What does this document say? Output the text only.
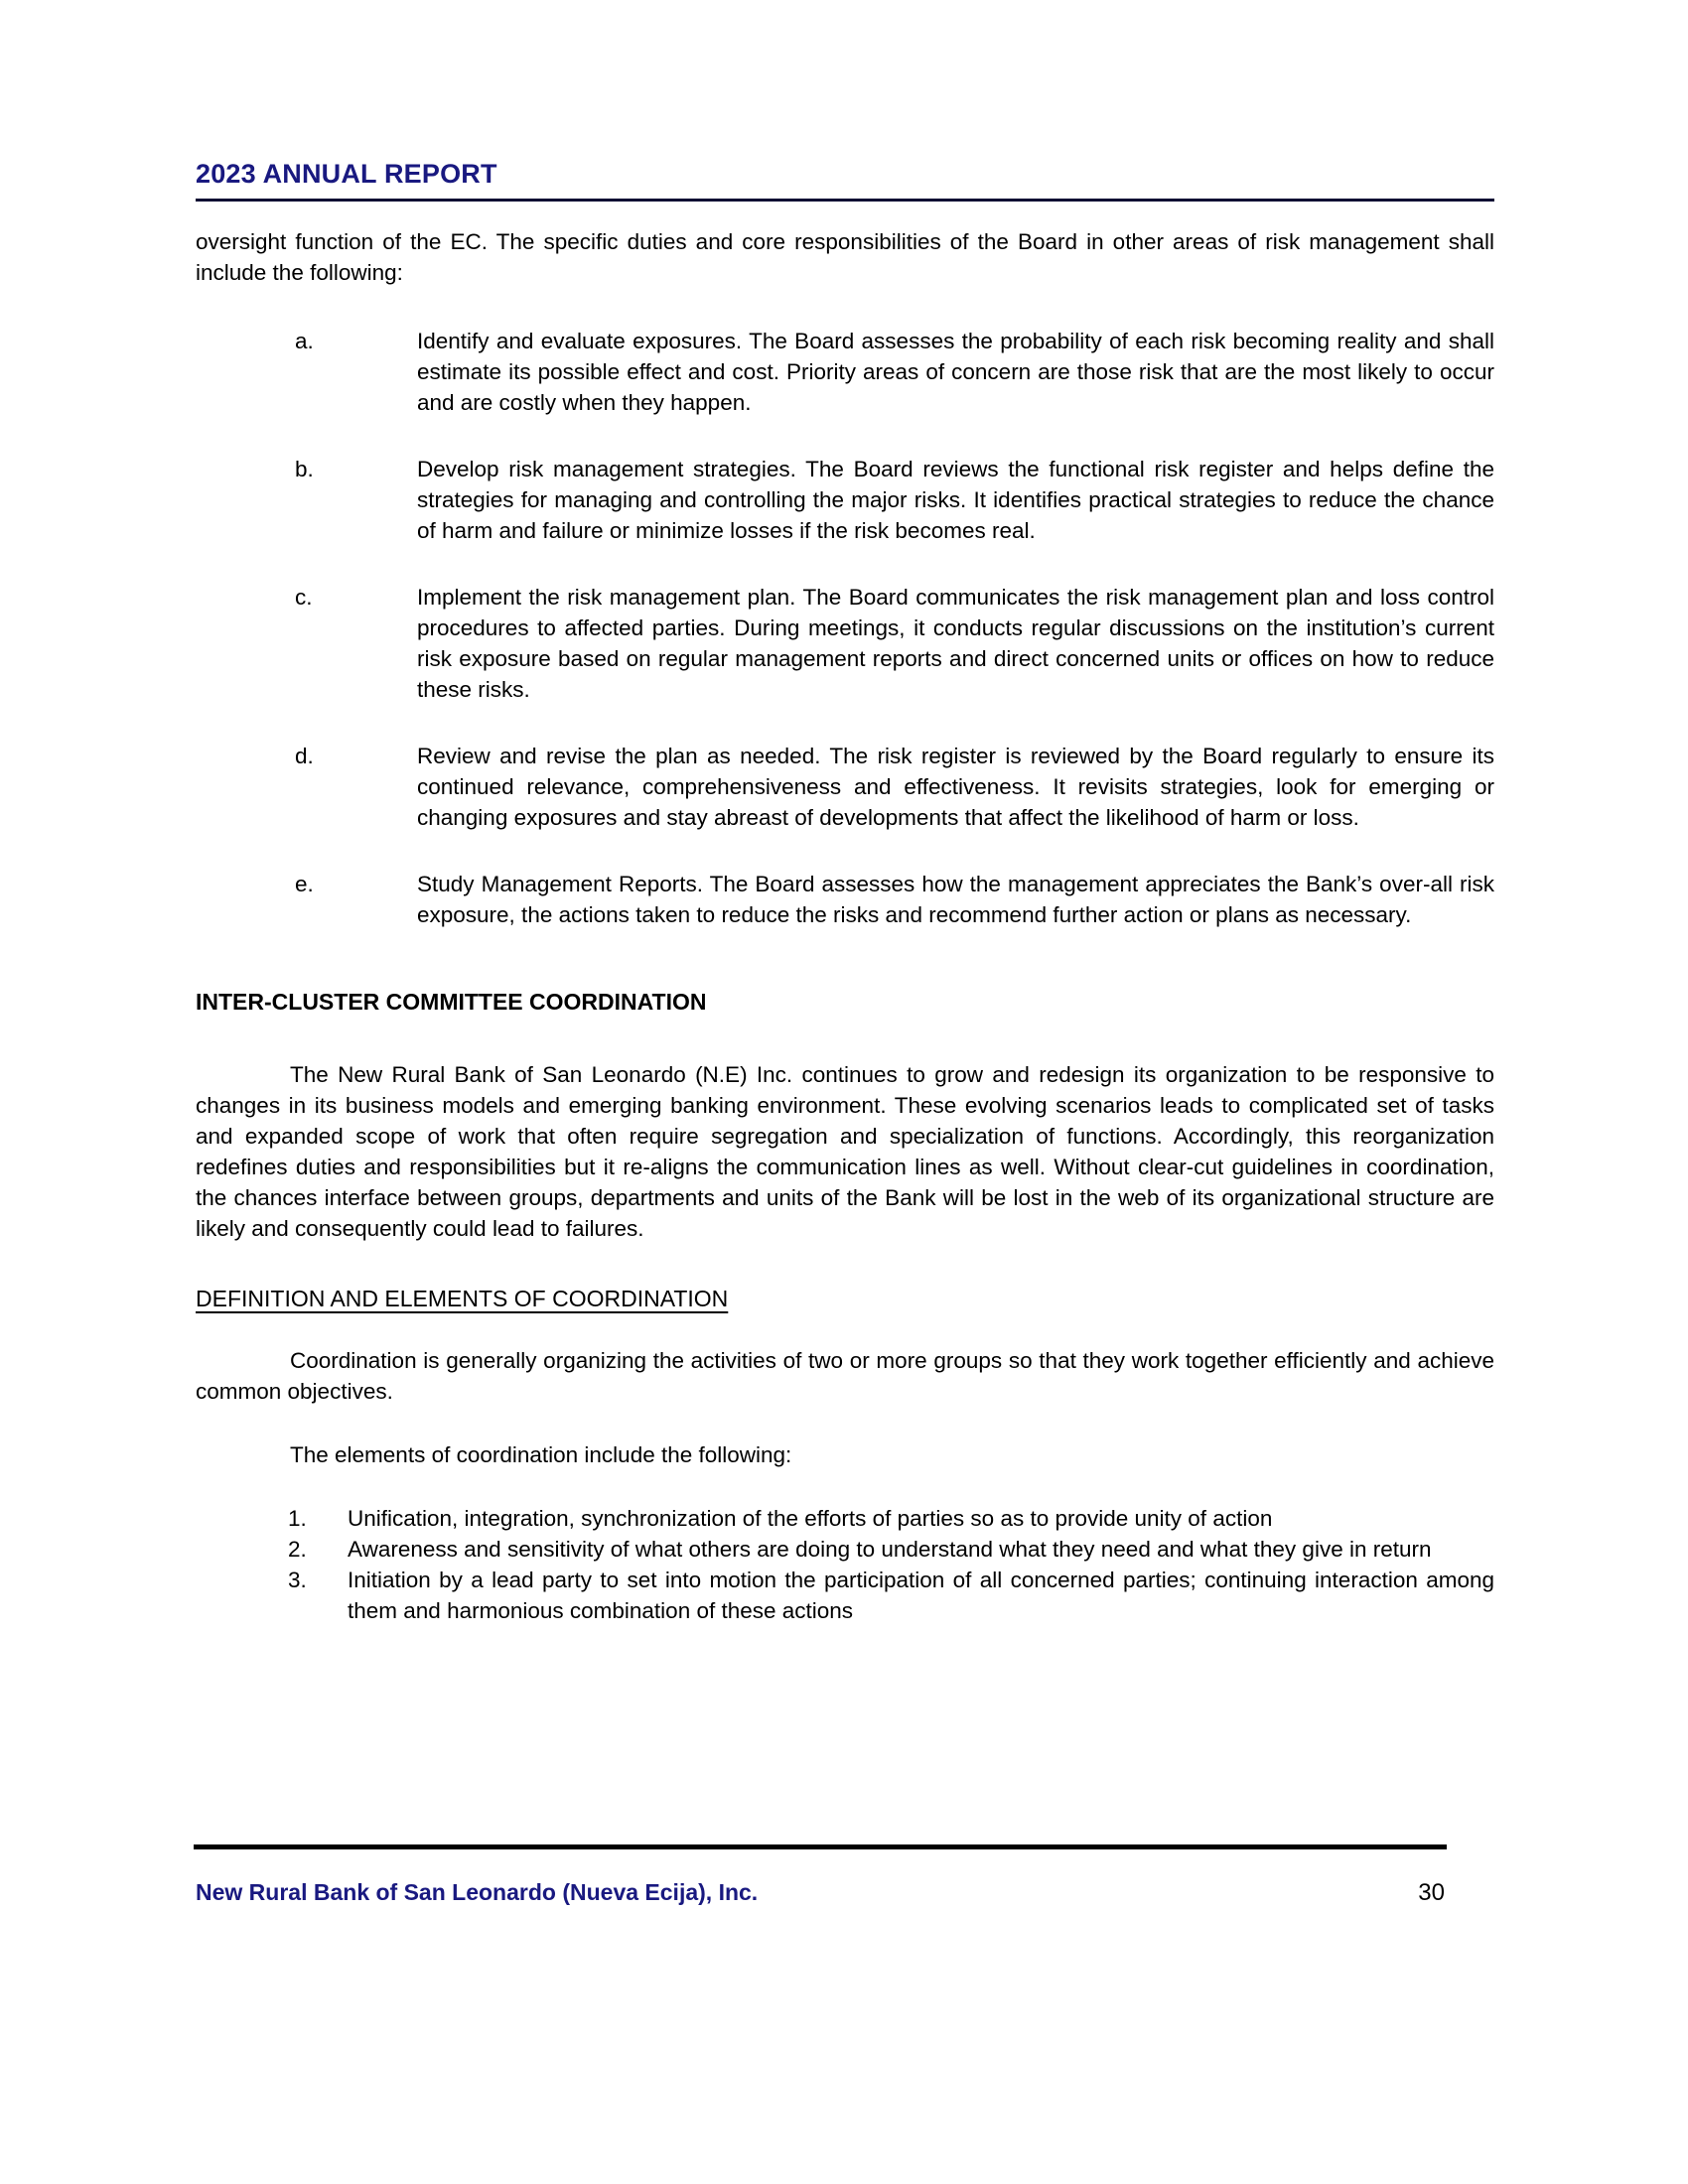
2023 ANNUAL REPORT

oversight function of the EC. The specific duties and core responsibilities of the Board in other areas of risk management shall include the following:

a.	Identify and evaluate exposures. The Board assesses the probability of each risk becoming reality and shall estimate its possible effect and cost. Priority areas of concern are those risk that are the most likely to occur and are costly when they happen.
b.	Develop risk management strategies. The Board reviews the functional risk register and helps define the strategies for managing and controlling the major risks. It identifies practical strategies to reduce the chance of harm and failure or minimize losses if the risk becomes real.
c.	Implement the risk management plan. The Board communicates the risk management plan and loss control procedures to affected parties. During meetings, it conducts regular discussions on the institution’s current risk exposure based on regular management reports and direct concerned units or offices on how to reduce these risks.
d.	Review and revise the plan as needed. The risk register is reviewed by the Board regularly to ensure its continued relevance, comprehensiveness and effectiveness. It revisits strategies, look for emerging or changing exposures and stay abreast of developments that affect the likelihood of harm or loss.
e.	Study Management Reports. The Board assesses how the management appreciates the Bank’s over-all risk exposure, the actions taken to reduce the risks and recommend further action or plans as necessary.
INTER-CLUSTER COMMITTEE COORDINATION

The New Rural Bank of San Leonardo (N.E) Inc. continues to grow and redesign its organization to be responsive to changes in its business models and emerging banking environment. These evolving scenarios leads to complicated set of tasks and expanded scope of work that often require segregation and specialization of functions. Accordingly, this reorganization redefines duties and responsibilities but it re-aligns the communication lines as well. Without clear-cut guidelines in coordination, the chances interface between groups, departments and units of the Bank will be lost in the web of its organizational structure are likely and consequently could lead to failures.

DEFINITION AND ELEMENTS OF COORDINATION

Coordination is generally organizing the activities of two or more groups so that they work together efficiently and achieve common objectives.

The elements of coordination include the following:

1. Unification, integration, synchronization of the efforts of parties so as to provide unity of action
2. Awareness and sensitivity of what others are doing to understand what they need and what they give in return
3. Initiation by a lead party to set into motion the participation of all concerned parties; continuing interaction among them and harmonious combination of these actions
New Rural Bank of San Leonardo (Nueva Ecija), Inc.	30
